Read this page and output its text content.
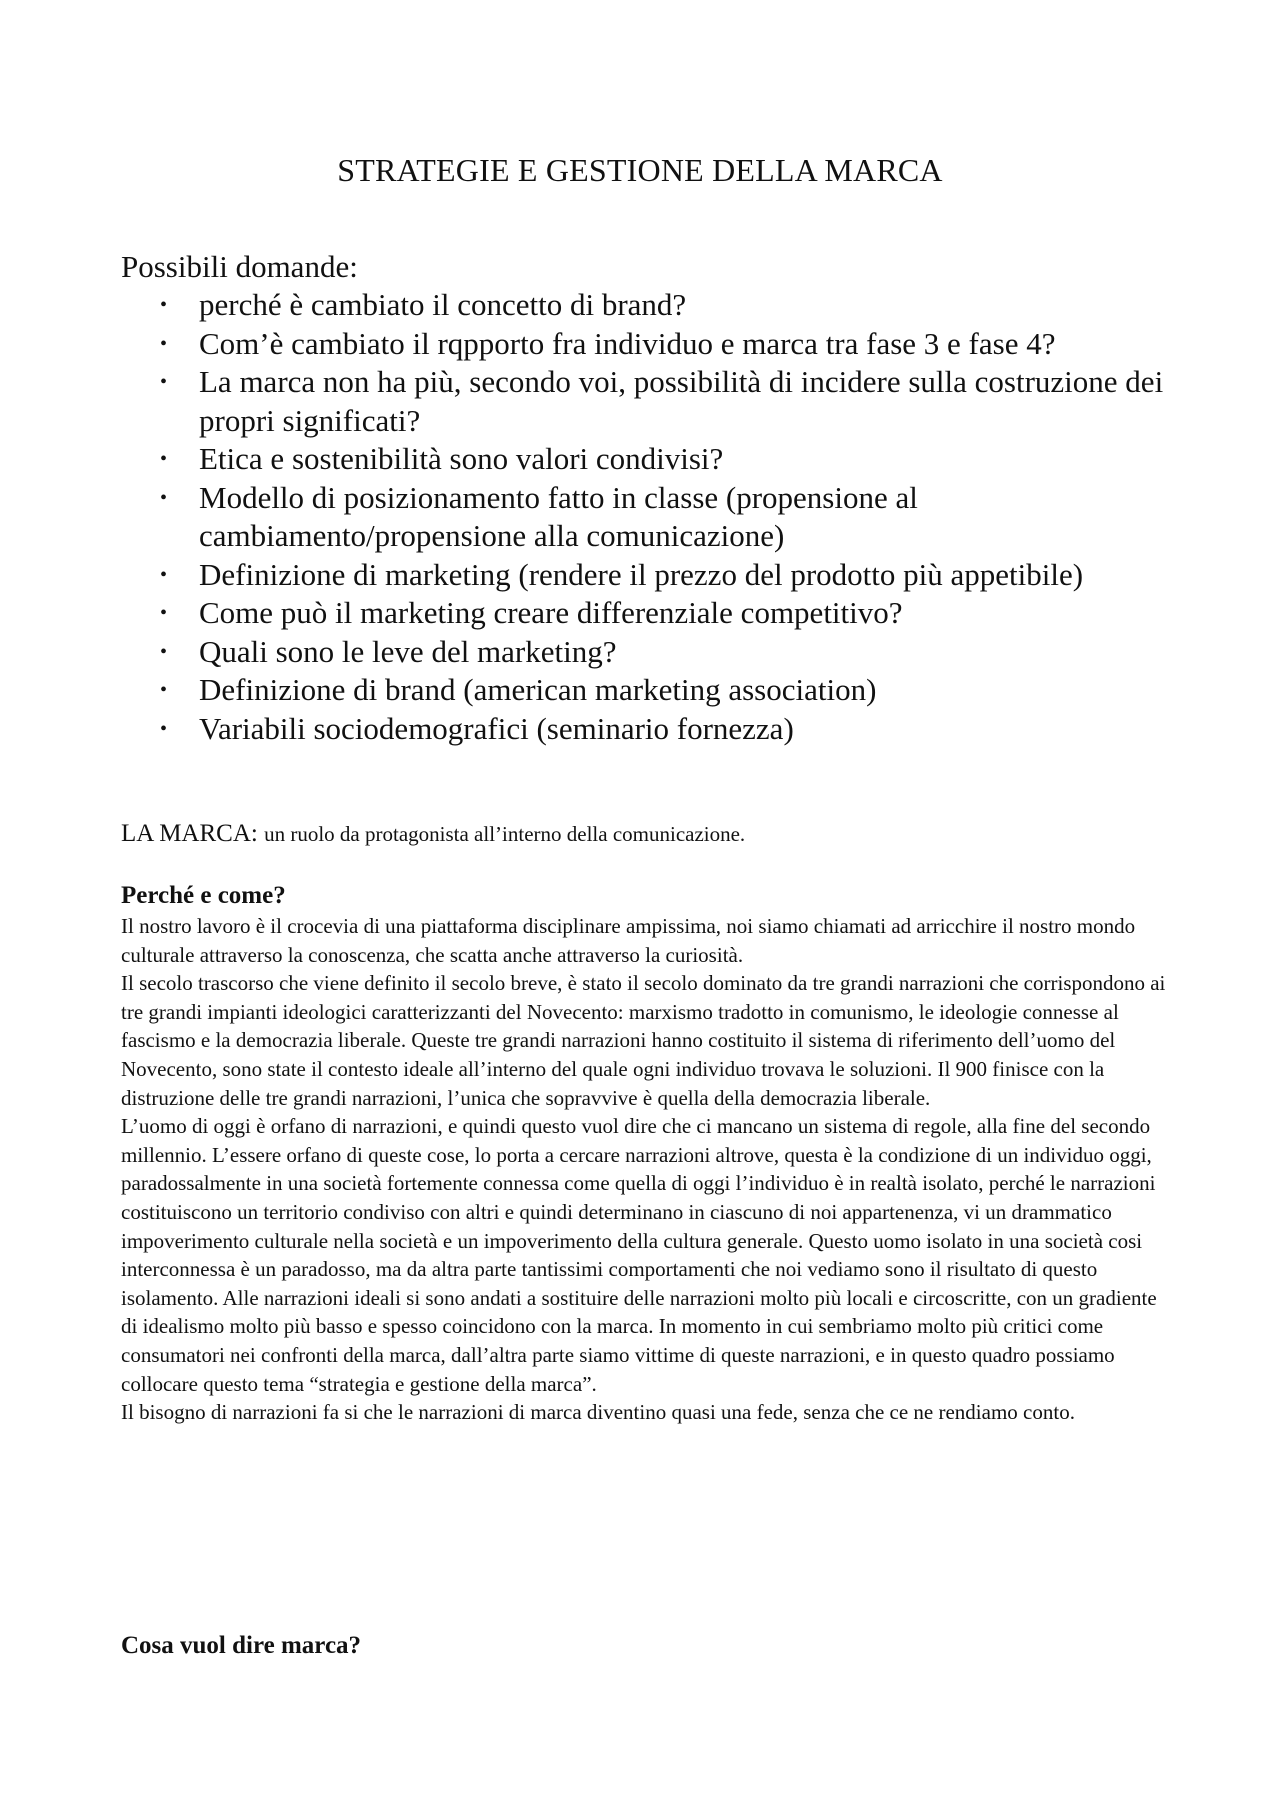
STRATEGIE E GESTIONE DELLA MARCA

Possibili domande:

• perché è cambiato il concetto di brand?
• Com’è cambiato il rqpporto fra individuo e marca tra fase 3 e fase 4?
• La marca non ha più, secondo voi, possibilità di incidere sulla costruzione dei propri significati?
• Etica e sostenibilità sono valori condivisi?
• Modello di posizionamento fatto in classe (propensione al cambiamento/propensione alla comunicazione)
• Definizione di marketing (rendere il prezzo del prodotto più appetibile)
• Come può il marketing creare differenziale competitivo?
• Quali sono le leve del marketing?
• Definizione di brand (american marketing association)
• Variabili sociodemografici (seminario fornezza)

LA MARCA: un ruolo da protagonista all’interno della comunicazione.

Perché e come?

Il nostro lavoro è il crocevia di una piattaforma disciplinare ampissima, noi siamo chiamati ad arricchire il nostro mondo culturale attraverso la conoscenza, che scatta anche attraverso la curiosità.

Il secolo trascorso che viene definito il secolo breve, è stato il secolo dominato da tre grandi narrazioni che corrispondono ai tre grandi impianti ideologici caratterizzanti del Novecento: marxismo tradotto in comunismo, le ideologie connesse al fascismo e la democrazia liberale. Queste tre grandi narrazioni hanno costituito il sistema di riferimento dell’uomo del Novecento, sono state il contesto ideale all’interno del quale ogni individuo trovava le soluzioni. Il 900 finisce con la distruzione delle tre grandi narrazioni, l’unica che sopravvive è quella della democrazia liberale.

L’uomo di oggi è orfano di narrazioni, e quindi questo vuol dire che ci mancano un sistema di regole, alla fine del secondo millennio. L’essere orfano di queste cose, lo porta a cercare narrazioni altrove, questa è la condizione di un individuo oggi, paradossalmente in una società fortemente connessa come quella di oggi l’individuo è in realtà isolato, perché le narrazioni costituiscono un territorio condiviso con altri e quindi determinano in ciascuno di noi appartenenza, vi un drammatico impoverimento culturale nella società e un impoverimento della cultura generale. Questo uomo isolato in una società cosi interconnessa è un paradosso, ma da altra parte tantissimi comportamenti che noi vediamo sono il risultato di questo isolamento. Alle narrazioni ideali si sono andati a sostituire delle narrazioni molto più locali e circoscritte, con un gradiente di idealismo molto più basso e spesso coincidono con la marca. In momento in cui sembriamo molto più critici come consumatori nei confronti della marca, dall’altra parte siamo vittime di queste narrazioni, e in questo quadro possiamo collocare questo tema “strategia e gestione della marca”.

Il bisogno di narrazioni fa si che le narrazioni di marca diventino quasi una fede, senza che ce ne rendiamo conto.

Cosa vuol dire marca?
